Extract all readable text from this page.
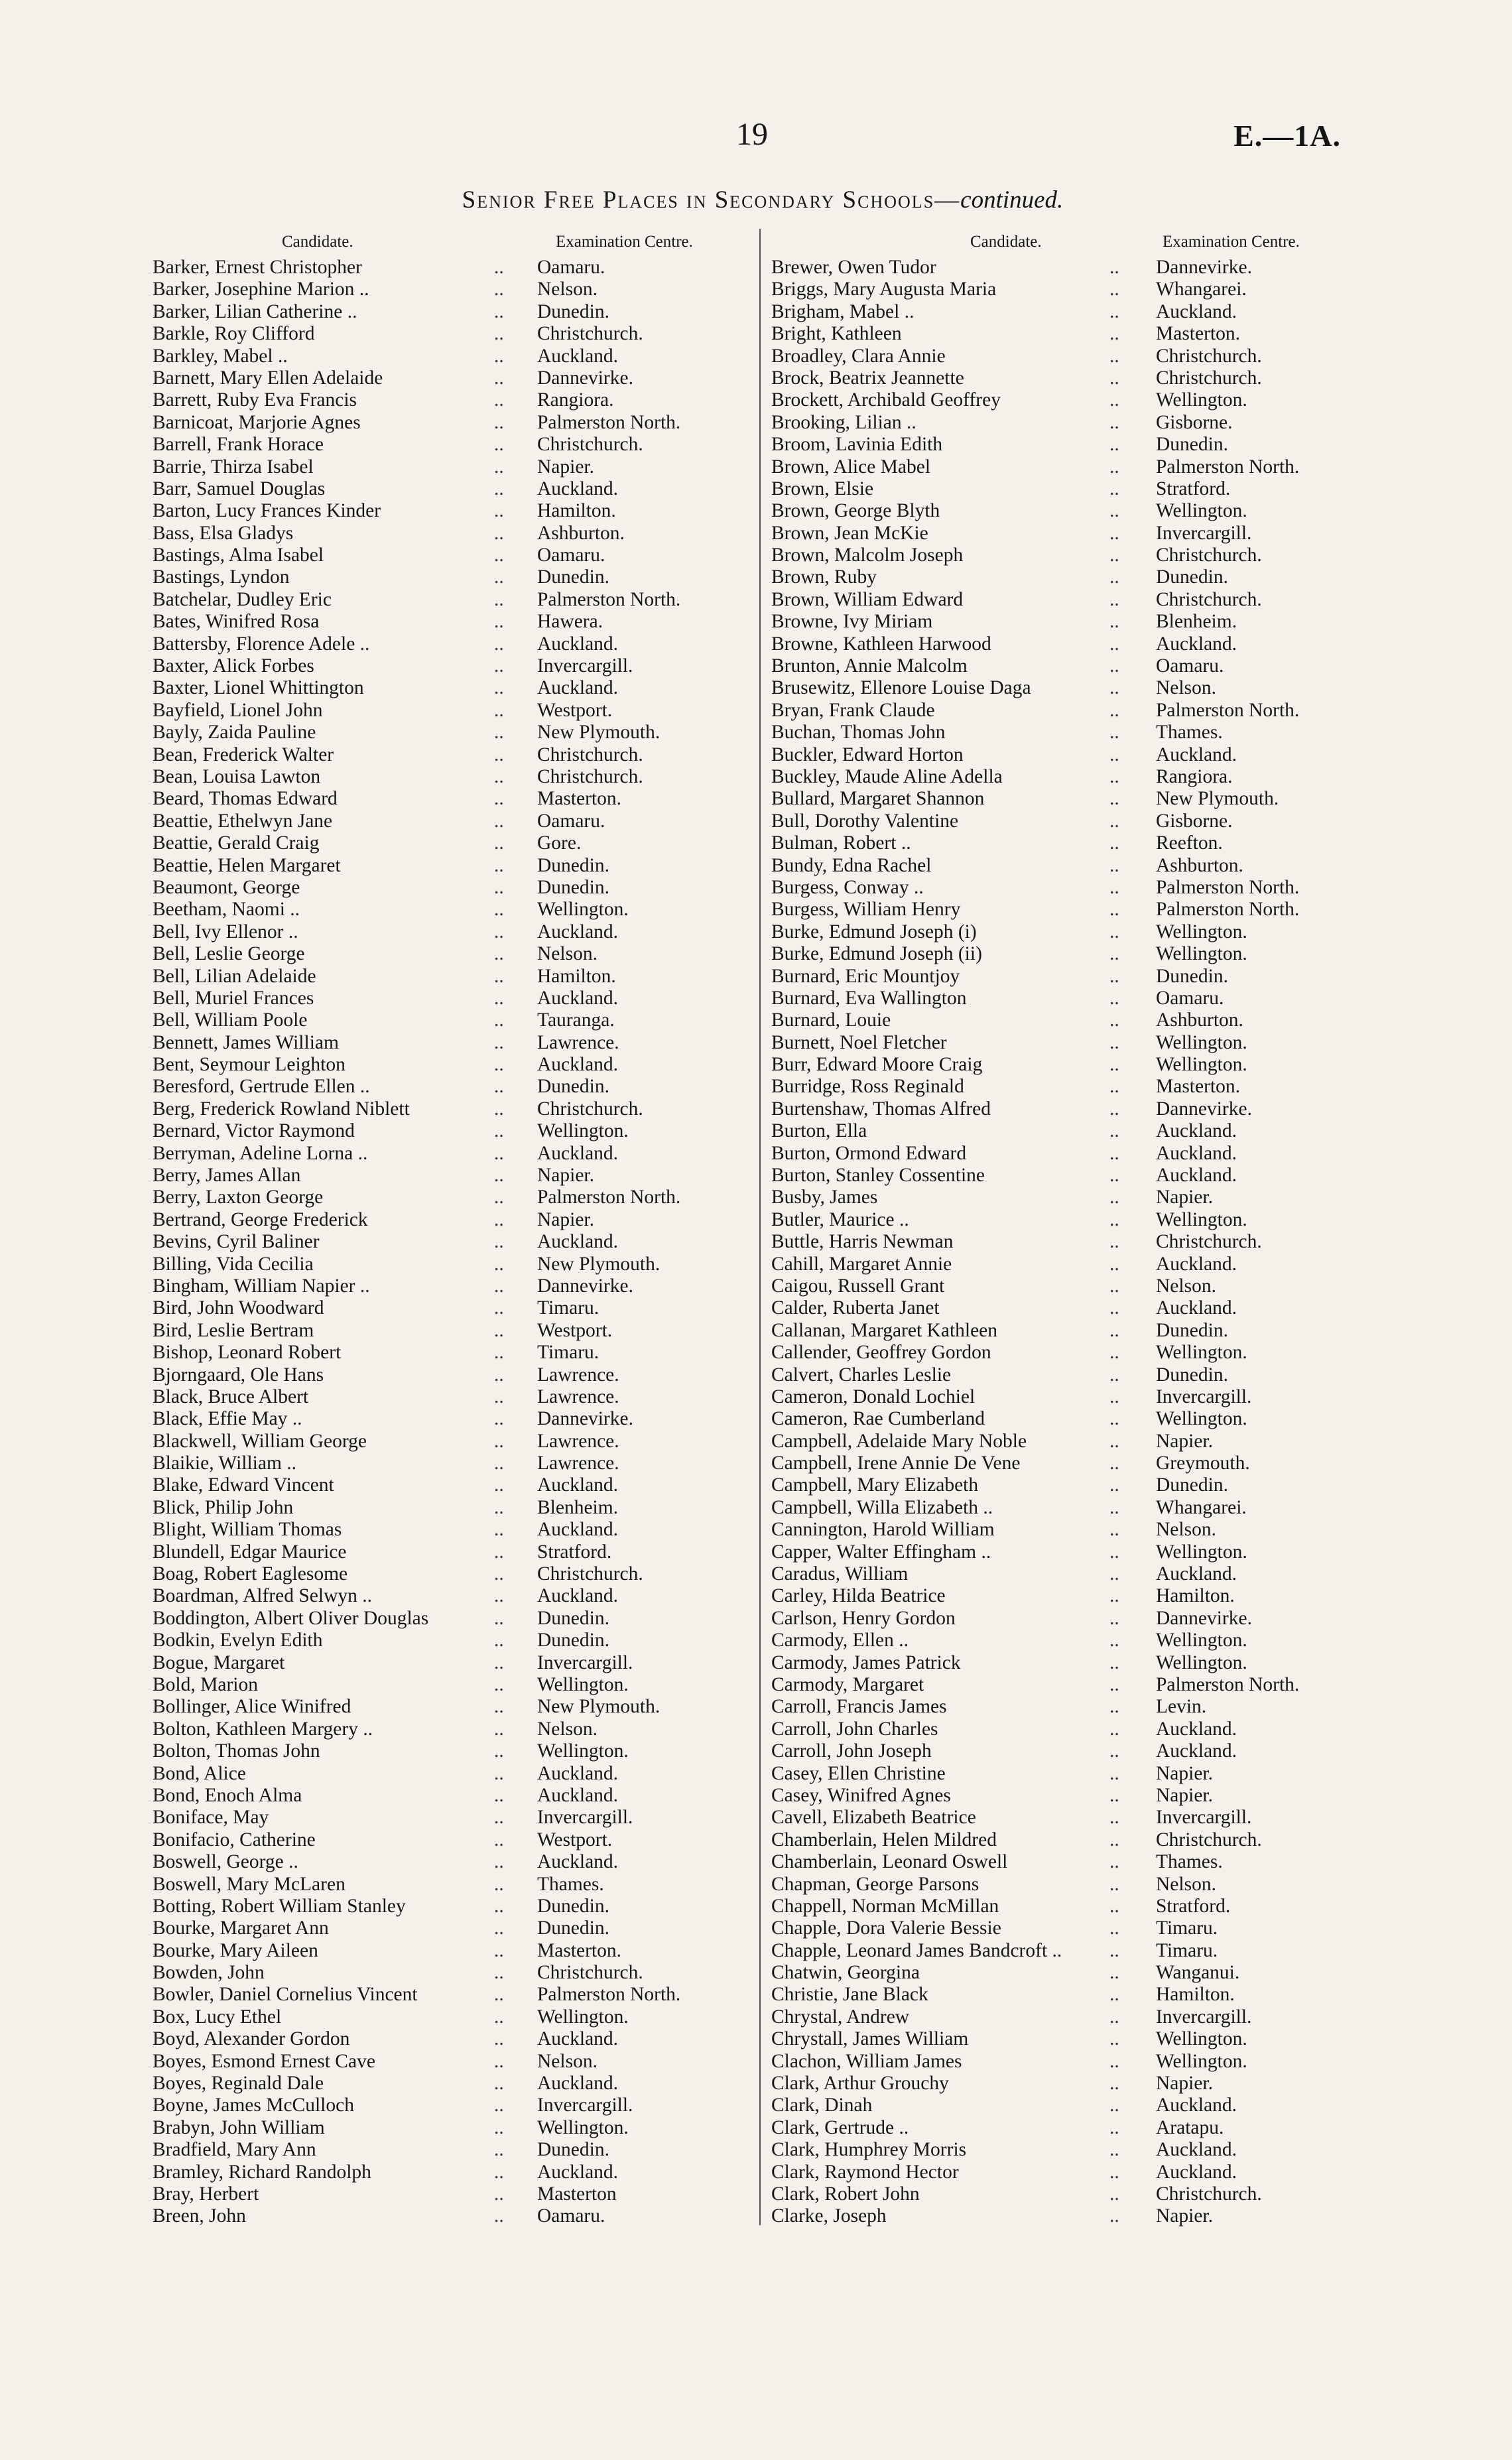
19	E.—1A.
Senior Free Places in Secondary Schools—continued.
Candidate.	Examination Centre.
Barker, Ernest Christopher	.. Oamaru.
Barker, Josephine Marion ..	.. Nelson.
Barker, Lilian Catherine ..	.. Dunedin.
Barkle, Roy Clifford	.. Christchurch.
Barkley, Mabel ..	.. Auckland.
Barnett, Mary Ellen Adelaide	.. Dannevirke.
Barrett, Ruby Eva Francis	.. Rangiora.
Barnicoat, Marjorie Agnes	.. Palmerston North.
Barrell, Frank Horace	.. Christchurch.
Barrie, Thirza Isabel	.. Napier.
Barr, Samuel Douglas	.. Auckland.
Barton, Lucy Frances Kinder	.. Hamilton.
Bass, Elsa Gladys	.. Ashburton.
Bastings, Alma Isabel	.. Oamaru.
Bastings, Lyndon	.. Dunedin.
Batchelar, Dudley Eric	.. Palmerston North.
Bates, Winifred Rosa	.. Hawera.
Battersby, Florence Adele ..	.. Auckland.
Baxter, Alick Forbes	.. Invercargill.
Baxter, Lionel Whittington	.. Auckland.
Bayfield, Lionel John	.. Westport.
Bayly, Zaida Pauline	.. New Plymouth.
Bean, Frederick Walter	.. Christchurch.
Bean, Louisa Lawton	.. Christchurch.
Beard, Thomas Edward	.. Masterton.
Beattie, Ethelwyn Jane	.. Oamaru.
Beattie, Gerald Craig	.. Gore.
Beattie, Helen Margaret	.. Dunedin.
Beaumont, George	.. Dunedin.
Beetham, Naomi ..	.. Wellington.
Bell, Ivy Ellenor ..	.. Auckland.
Bell, Leslie George	.. Nelson.
Bell, Lilian Adelaide	.. Hamilton.
Bell, Muriel Frances	.. Auckland.
Bell, William Poole	.. Tauranga.
Bennett, James William	.. Lawrence.
Bent, Seymour Leighton	.. Auckland.
Beresford, Gertrude Ellen ..	.. Dunedin.
Berg, Frederick Rowland Niblett	.. Christchurch.
Bernard, Victor Raymond	.. Wellington.
Berryman, Adeline Lorna ..	.. Auckland.
Berry, James Allan	.. Napier.
Berry, Laxton George	.. Palmerston North.
Bertrand, George Frederick	.. Napier.
Bevins, Cyril Baliner	.. Auckland.
Billing, Vida Cecilia	.. New Plymouth.
Bingham, William Napier ..	.. Dannevirke.
Bird, John Woodward	.. Timaru.
Bird, Leslie Bertram	.. Westport.
Bishop, Leonard Robert	.. Timaru.
Bjorngaard, Ole Hans	.. Lawrence.
Black, Bruce Albert	.. Lawrence.
Black, Effie May ..	.. Dannevirke.
Blackwell, William George	.. Lawrence.
Blaikie, William ..	.. Lawrence.
Blake, Edward Vincent	.. Auckland.
Blick, Philip John	.. Blenheim.
Blight, William Thomas	.. Auckland.
Blundell, Edgar Maurice	.. Stratford.
Boag, Robert Eaglesome	.. Christchurch.
Boardman, Alfred Selwyn ..	.. Auckland.
Boddington, Albert Oliver Douglas	.. Dunedin.
Bodkin, Evelyn Edith	.. Dunedin.
Bogue, Margaret	.. Invercargill.
Bold, Marion	.. Wellington.
Bollinger, Alice Winifred	.. New Plymouth.
Bolton, Kathleen Margery ..	.. Nelson.
Bolton, Thomas John	.. Wellington.
Bond, Alice	.. Auckland.
Bond, Enoch Alma	.. Auckland.
Boniface, May	.. Invercargill.
Bonifacio, Catherine	.. Westport.
Boswell, George ..	.. Auckland.
Boswell, Mary McLaren	.. Thames.
Botting, Robert William Stanley	.. Dunedin.
Bourke, Margaret Ann	.. Dunedin.
Bourke, Mary Aileen	.. Masterton.
Bowden, John	.. Christchurch.
Bowler, Daniel Cornelius Vincent	.. Palmerston North.
Box, Lucy Ethel	.. Wellington.
Boyd, Alexander Gordon	.. Auckland.
Boyes, Esmond Ernest Cave	.. Nelson.
Boyes, Reginald Dale	.. Auckland.
Boyne, James McCulloch	.. Invercargill.
Brabyn, John William	.. Wellington.
Bradfield, Mary Ann	.. Dunedin.
Bramley, Richard Randolph	.. Auckland.
Bray, Herbert	.. Masterton
Breen, John	.. Oamaru.
Candidate.	Examination Centre.
Brewer, Owen Tudor	.. Dannevirke.
Briggs, Mary Augusta Maria	.. Whangarei.
Brigham, Mabel ..	.. Auckland.
Bright, Kathleen	.. Masterton.
Broadley, Clara Annie	.. Christchurch.
Brock, Beatrix Jeannette	.. Christchurch.
Brockett, Archibald Geoffrey	.. Wellington.
Brooking, Lilian ..	.. Gisborne.
Broom, Lavinia Edith	.. Dunedin.
Brown, Alice Mabel	.. Palmerston North.
Brown, Elsie	.. Stratford.
Brown, George Blyth	.. Wellington.
Brown, Jean McKie	.. Invercargill.
Brown, Malcolm Joseph	.. Christchurch.
Brown, Ruby	.. Dunedin.
Brown, William Edward	.. Christchurch.
Browne, Ivy Miriam	.. Blenheim.
Browne, Kathleen Harwood	.. Auckland.
Brunton, Annie Malcolm	.. Oamaru.
Brusewitz, Ellenore Louise Daga	.. Nelson.
Bryan, Frank Claude	.. Palmerston North.
Buchan, Thomas John	.. Thames.
Buckler, Edward Horton	.. Auckland.
Buckley, Maude Aline Adella	.. Rangiora.
Bullard, Margaret Shannon	.. New Plymouth.
Bull, Dorothy Valentine	.. Gisborne.
Bulman, Robert ..	.. Reefton.
Bundy, Edna Rachel	.. Ashburton.
Burgess, Conway ..	.. Palmerston North.
Burgess, William Henry	.. Palmerston North.
Burke, Edmund Joseph (i)	.. Wellington.
Burke, Edmund Joseph (ii)	.. Wellington.
Burnard, Eric Mountjoy	.. Dunedin.
Burnard, Eva Wallington	.. Oamaru.
Burnard, Louie	.. Ashburton.
Burnett, Noel Fletcher	.. Wellington.
Burr, Edward Moore Craig	.. Wellington.
Burridge, Ross Reginald	.. Masterton.
Burtenshaw, Thomas Alfred	.. Dannevirke.
Burton, Ella	.. Auckland.
Burton, Ormond Edward	.. Auckland.
Burton, Stanley Cossentine	.. Auckland.
Busby, James	.. Napier.
Butler, Maurice ..	.. Wellington.
Buttle, Harris Newman	.. Christchurch.
Cahill, Margaret Annie	.. Auckland.
Caigou, Russell Grant	.. Nelson.
Calder, Ruberta Janet	.. Auckland.
Callanan, Margaret Kathleen	.. Dunedin.
Callender, Geoffrey Gordon	.. Wellington.
Calvert, Charles Leslie	.. Dunedin.
Cameron, Donald Lochiel	.. Invercargill.
Cameron, Rae Cumberland	.. Wellington.
Campbell, Adelaide Mary Noble	.. Napier.
Campbell, Irene Annie De Vene	.. Greymouth.
Campbell, Mary Elizabeth	.. Dunedin.
Campbell, Willa Elizabeth ..	.. Whangarei.
Cannington, Harold William	.. Nelson.
Capper, Walter Effingham ..	.. Wellington.
Caradus, William	.. Auckland.
Carley, Hilda Beatrice	.. Hamilton.
Carlson, Henry Gordon	.. Dannevirke.
Carmody, Ellen ..	.. Wellington.
Carmody, James Patrick	.. Wellington.
Carmody, Margaret	.. Palmerston North.
Carroll, Francis James	.. Levin.
Carroll, John Charles	.. Auckland.
Carroll, John Joseph	.. Auckland.
Casey, Ellen Christine	.. Napier.
Casey, Winifred Agnes	.. Napier.
Cavell, Elizabeth Beatrice	.. Invercargill.
Chamberlain, Helen Mildred	.. Christchurch.
Chamberlain, Leonard Oswell	.. Thames.
Chapman, George Parsons	.. Nelson.
Chappell, Norman McMillan	.. Stratford.
Chapple, Dora Valerie Bessie	.. Timaru.
Chapple, Leonard James Bandcroft .. .. Timaru.
Chatwin, Georgina	.. Wanganui.
Christie, Jane Black	.. Hamilton.
Chrystal, Andrew	.. Invercargill.
Chrystall, James William	.. Wellington.
Clachon, William James	.. Wellington.
Clark, Arthur Grouchy	.. Napier.
Clark, Dinah	.. Auckland.
Clark, Gertrude ..	.. Aratapu.
Clark, Humphrey Morris	.. Auckland.
Clark, Raymond Hector	.. Auckland.
Clark, Robert John	.. Christchurch.
Clarke, Joseph	.. Napier.
